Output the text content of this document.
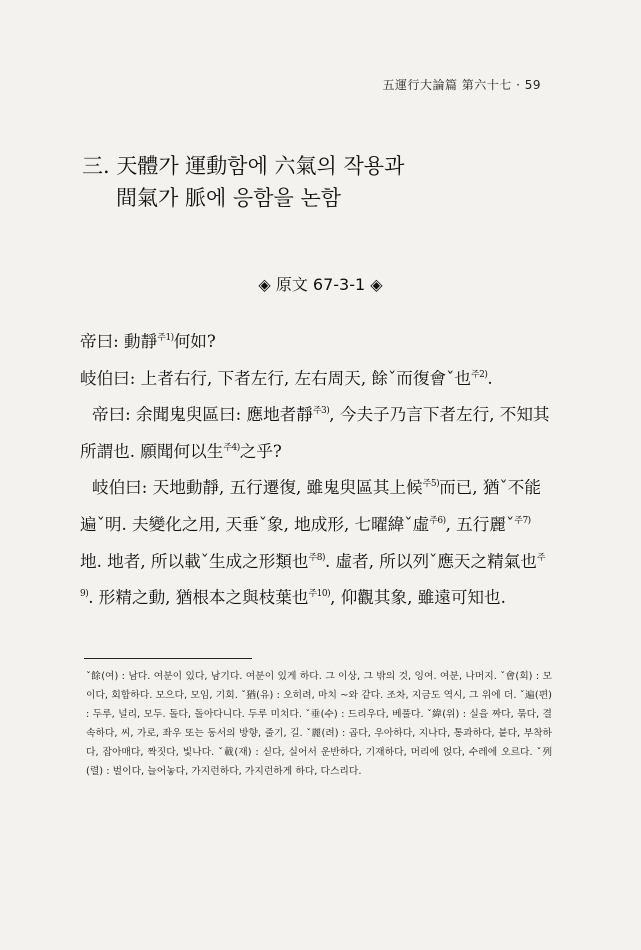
五運行大論篇 第六十七 · 59
三. 天體가 運動함에 六氣의 작용과
間氣가 脈에 응함을 논함
◈ 原文 67-3-1 ◈

帝曰: 動靜$^{주1)}$何如?

岐伯曰: 上者右行, 下者左行, 左右周天, 餘ˇ而復會ˇ也$^{주2)}$.

帝曰: 余聞鬼臾區曰: 應地者靜$^{주3)}$, 今夫子乃言下者左行, 不知其所謂也. 願聞何以生$^{주4)}$之乎?

岐伯曰: 天地動靜, 五行遷復, 雖鬼臾區其上候$^{주5)}$而已, 猶ˇ不能遍ˇ明. 夫變化之用, 天垂ˇ象, 地成形, 七曜緯ˇ虛$^{주6)}$, 五行麗ˇ$^{주7)}$地. 地者, 所以載ˇ生成之形類也$^{주8)}$. 虛者, 所以列ˇ應天之精氣也$^{주9)}$. 形精之動, 猶根本之與枝葉也$^{주10)}$, 仰觀其象, 雖遠可知也.

ˇ餘(여) : 남다. 여분이 있다, 남기다. 여분이 있게 하다. 그 이상, 그 밖의 것, 잉여. 여분, 나머지. ˇ會(회) : 모이다, 회합하다. 모으다, 모임, 기회. ˇ猶(유) : 오히려, 마치 ~와 같다. 조차, 지금도 역시, 그 위에 더. ˇ遍(편) : 두루, 널리, 모두. 돌다, 돌아다니다. 두루 미치다. ˇ垂(수) : 드리우다, 베풀다. ˇ緯(위) : 실을 짜다, 묶다, 결속하다, 씨, 가로, 좌우 또는 동서의 방향, 줄기, 길. ˇ麗(려) : 곱다, 우아하다, 지나다, 통과하다, 붙다, 부착하다, 잡아매다, 짝짓다, 빛나다. ˇ載(재) : 싣다, 실어서 운반하다, 기재하다, 머리에 얹다, 수레에 오르다. ˇ列(렬) : 벌이다, 늘어놓다, 가지런하다, 가지런하게 하다, 다스리다.
